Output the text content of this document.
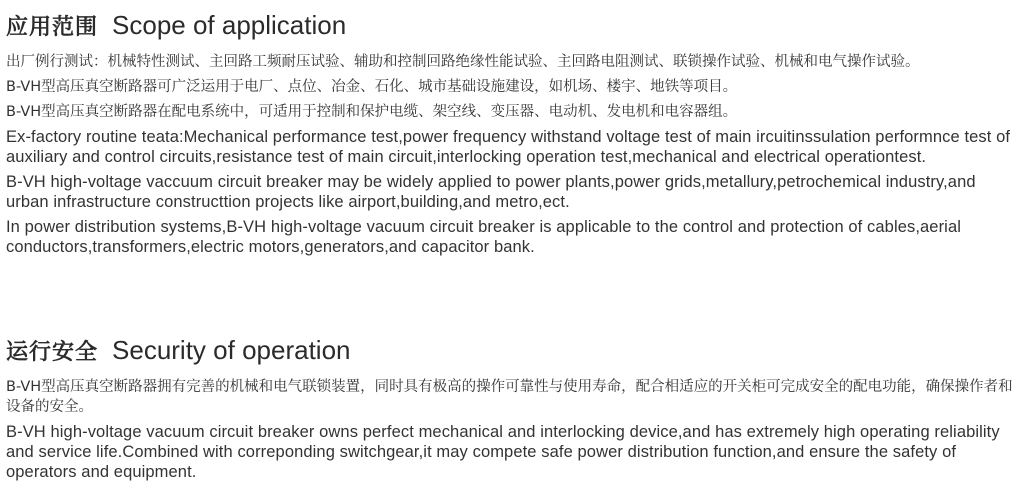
应用范围 Scope of application

出厂例行测试：机械特性测试、主回路工频耐压试验、辅助和控制回路绝缘性能试验、主回路电阻测试、联锁操作试验、机械和电气操作试验。

B-VH型高压真空断路器可广泛运用于电厂、点位、冶金、石化、城市基础设施建设，如机场、楼宇、地铁等项目。

B-VH型高压真空断路器在配电系统中，可适用于控制和保护电缆、架空线、变压器、电动机、发电机和电容器组。

Ex-factory routine teata:Mechanical performance test,power frequency withstand voltage test of main ircuitinssulation performnce test of auxiliary and control circuits,resistance test of main circuit,interlocking operation test,mechanical and electrical operationtest.

B-VH high-voltage vaccuum circuit breaker may be widely applied to power plants,power grids,metallury,petrochemical industry,and urban infrastructure constructtion projects like airport,building,and metro,ect.

In power distribution systems,B-VH high-voltage vacuum circuit breaker is applicable to the control and protection of cables,aerial conductors,transformers,electric motors,generators,and capacitor bank.

运行安全 Security of operation

B-VH型高压真空断路器拥有完善的机械和电气联锁装置，同时具有极高的操作可靠性与使用寿命，配合相适应的开关柜可完成安全的配电功能，确保操作者和设备的安全。

B-VH high-voltage vacuum circuit breaker owns perfect mechanical and interlocking device,and has extremely high operating reliability and service life.Combined with correponding switchgear,it may compete safe power distribution function,and ensure the safety of operators and equipment.
